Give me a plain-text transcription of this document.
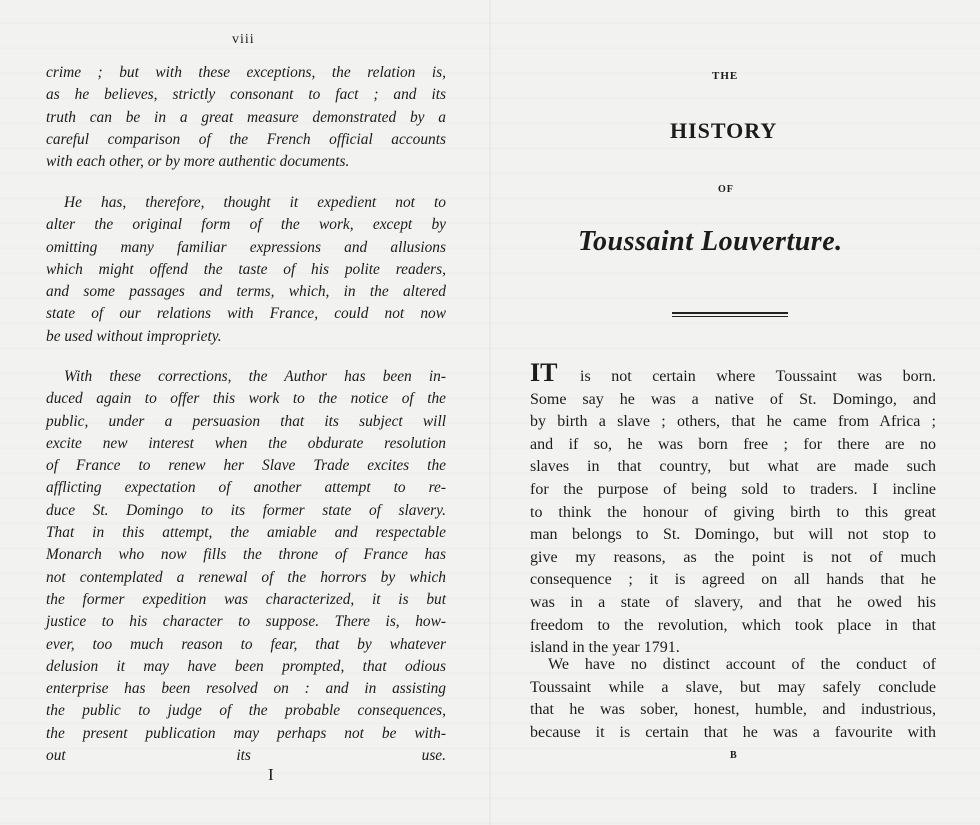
viii
crime ; but with these exceptions, the relation is,
as he believes, strictly consonant to fact ; and its
truth can be in a great measure demonstrated by a
careful comparison of the French official accounts
with each other, or by more authentic documents.
He has, therefore, thought it expedient not to
alter the original form of the work, except by
omitting many familiar expressions and allusions
which might offend the taste of his polite readers,
and some passages and terms, which, in the altered
state of our relations with France, could not now
be used without impropriety.
With these corrections, the Author has been in-
duced again to offer this work to the notice of the
public, under a persuasion that its subject will
excite new interest when the obdurate resolution
of France to renew her Slave Trade excites the
afflicting expectation of another attempt to re-
duce St. Domingo to its former state of slavery.
That in this attempt, the amiable and respectable
Monarch who now fills the throne of France has
not contemplated a renewal of the horrors by which
the former expedition was characterized, it is but
justice to his character to suppose. There is, how-
ever, too much reason to fear, that by whatever
delusion it may have been prompted, that odious
enterprise has been resolved on : and in assisting
the public to judge of the probable consequences,
the present publication may perhaps not be with-
out its use.
I
THE
HISTORY
OF
Toussaint Louverture.
IT is not certain where Toussaint was born.
Some say he was a native of St. Domingo, and
by birth a slave ; others, that he came from Africa ;
and if so, he was born free ; for there are no
slaves in that country, but what are made such
for the purpose of being sold to traders. I incline
to think the honour of giving birth to this great
man belongs to St. Domingo, but will not stop to
give my reasons, as the point is not of much
consequence ; it is agreed on all hands that he
was in a state of slavery, and that he owed his
freedom to the revolution, which took place in that
island in the year 1791.
We have no distinct account of the conduct of
Toussaint while a slave, but may safely conclude
that he was sober, honest, humble, and industrious,
because it is certain that he was a favourite with
B
